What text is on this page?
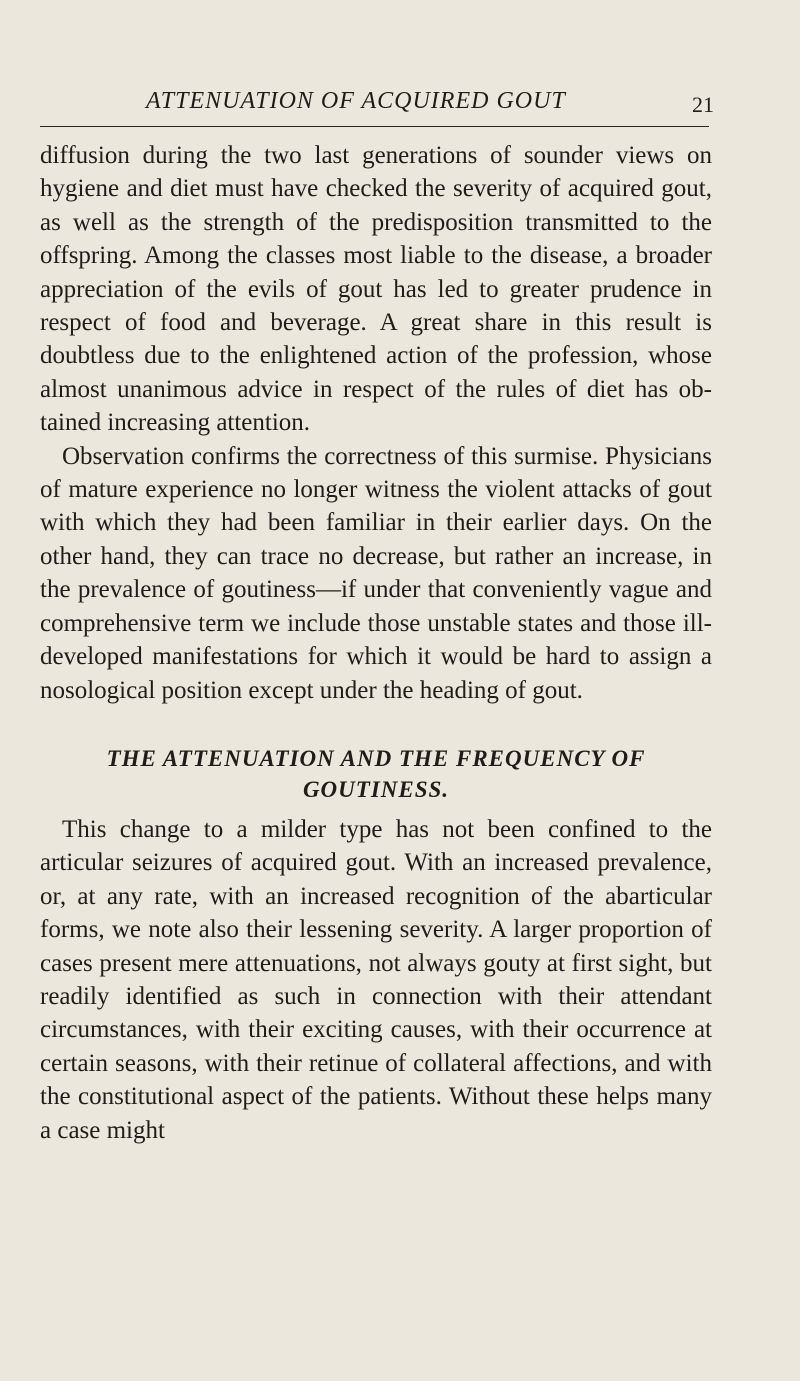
ATTENUATION OF ACQUIRED GOUT	21

diffusion during the two last generations of sounder views on hygiene and diet must have checked the severity of acquired gout, as well as the strength of the predisposition transmitted to the offspring. Among the classes most liable to the disease, a broader appreciation of the evils of gout has led to greater prudence in respect of food and beverage. A great share in this result is doubtless due to the enlightened action of the profession, whose almost unanimous advice in respect of the rules of diet has obtained increasing attention.

Observation confirms the correctness of this surmise. Physicians of mature experience no longer witness the violent attacks of gout with which they had been familiar in their earlier days. On the other hand, they can trace no decrease, but rather an increase, in the prevalence of goutiness—if under that conveniently vague and comprehensive term we include those unstable states and those ill-developed manifestations for which it would be hard to assign a nosological position except under the heading of gout.

THE ATTENUATION AND THE FREQUENCY OF GOUTINESS.

This change to a milder type has not been confined to the articular seizures of acquired gout. With an increased prevalence, or, at any rate, with an increased recognition of the abarticular forms, we note also their lessening severity. A larger proportion of cases present mere attenuations, not always gouty at first sight, but readily identified as such in connection with their attendant circumstances, with their exciting causes, with their occurrence at certain seasons, with their retinue of collateral affections, and with the constitutional aspect of the patients. Without these helps many a case might
